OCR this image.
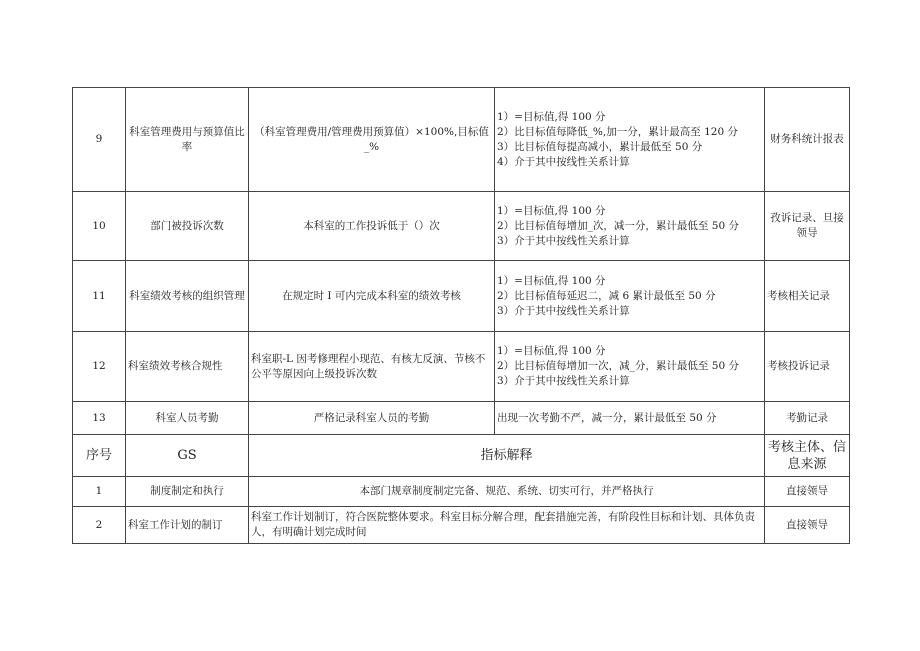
9	科室管理费用与预算值比率	（科室管理费用/管理费用预算值）×100%,目标值_%	1）=目标值,得 100 分
2）比目标值每降低_%,加一分，累计最高至 120 分
3）比目标值每提高减小，累计最低至 50 分
4）介于其中按线性关系计算	财务科统计报表
10	部门被投诉次数	本科室的工作投诉低于（）次	1）=目标值,得 100 分
2）比目标值每增加_次，减一分，累计最低至 50 分
3）介于其中按线性关系计算	孜诉记录、旦接领导
11	科室绩效考核的组织管理	在规定时 I 可内完成本科室的绩效考核	1）=目标值,得 100 分
2）比目标值每延迟二，减 6 累计最低至 50 分
3）介于其中按线性关系计算	考核相关记录
12	科室绩效考核合规性	科室职-L 因考修理程小现范、有核尢反演、节核不公平等原因向上级投诉次数	1）=目标值,得 100 分
2）比目标值每增加一次，减_分，累计最低至 50 分
3）介于其中按线性关系计算	考核投诉记录
13	科室人员考勤	严格记录科室人员的考勤	出现一次考勤不严，减一分，累计最低至 50 分	考勤记录
序号	GS	指标解释		考核主体、信息来源
1	制度制定和执行	本部门规章制度制定完备、规范、系统、切实可行，并严格执行		直接领导
2	科室工作计划的制订	科室工作计划制订，符合医院整体要求。科室目标分解合理，配套措施完善，有阶段性目标和计划、具体负责人，有明确计划完成时间		直接领导
